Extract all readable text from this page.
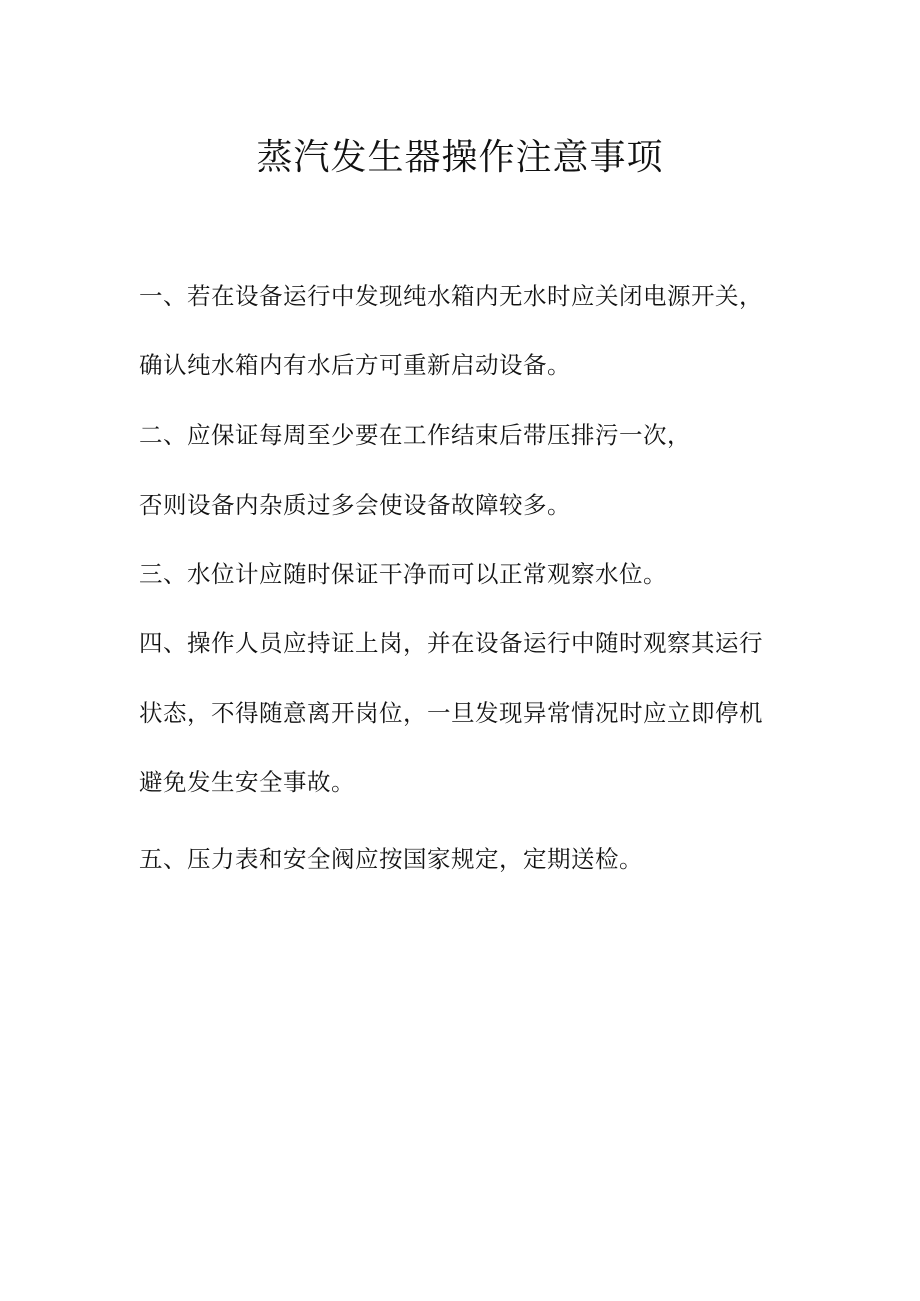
蒸汽发生器操作注意事项
一、若在设备运行中发现纯水箱内无水时应关闭电源开关，
确认纯水箱内有水后方可重新启动设备。
二、应保证每周至少要在工作结束后带压排污一次，
否则设备内杂质过多会使设备故障较多。
三、水位计应随时保证干净而可以正常观察水位。
四、操作人员应持证上岗，并在设备运行中随时观察其运行
状态，不得随意离开岗位，一旦发现异常情况时应立即停机
避免发生安全事故。
五、压力表和安全阀应按国家规定，定期送检。
